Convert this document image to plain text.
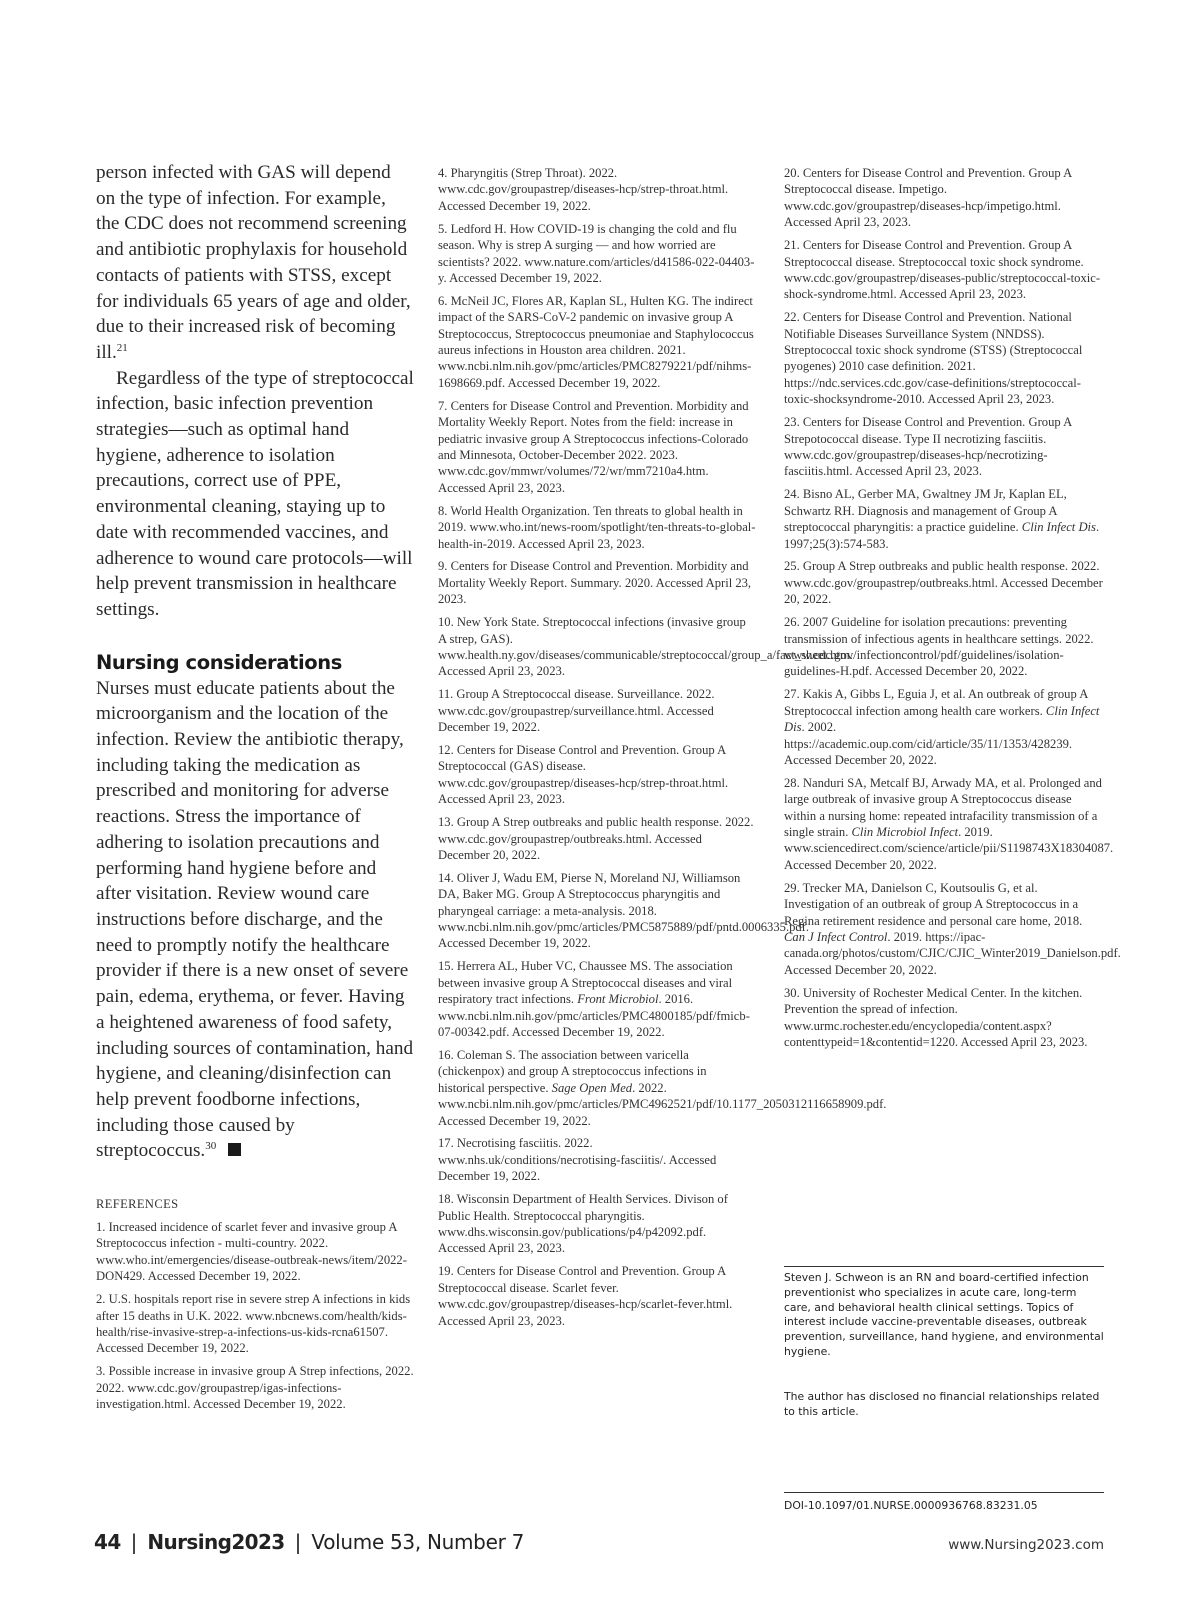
person infected with GAS will depend on the type of infection. For example, the CDC does not recommend screening and antibiotic prophylaxis for household contacts of patients with STSS, except for individuals 65 years of age and older, due to their increased risk of becoming ill.$^{21}$

Regardless of the type of streptococcal infection, basic infection prevention strategies—such as optimal hand hygiene, adherence to isolation precautions, correct use of PPE, environmental cleaning, staying up to date with recommended vaccines, and adherence to wound care protocols—will help prevent transmission in healthcare settings.

Nursing considerations

Nurses must educate patients about the microorganism and the location of the infection. Review the antibiotic therapy, including taking the medication as prescribed and monitoring for adverse reactions. Stress the importance of adhering to isolation precautions and performing hand hygiene before and after visitation. Review wound care instructions before discharge, and the need to promptly notify the healthcare provider if there is a new onset of severe pain, edema, erythema, or fever. Having a heightened awareness of food safety, including sources of contamination, hand hygiene, and cleaning/disinfection can help prevent foodborne infections, including those caused by streptococcus.$^{30}$

REFERENCES

1. Increased incidence of scarlet fever and invasive group A Streptococcus infection - multi-country. 2022. www.who.int/emergencies/disease-outbreak-news/item/2022-DON429. Accessed December 19, 2022.

2. U.S. hospitals report rise in severe strep A infections in kids after 15 deaths in U.K. 2022. www.nbcnews.com/health/kids-health/rise-invasive-strep-a-infections-us-kids-rcna61507. Accessed December 19, 2022.

3. Possible increase in invasive group A Strep infections, 2022. 2022. www.cdc.gov/groupastrep/igas-infections-investigation.html. Accessed December 19, 2022.

4. Pharyngitis (Strep Throat). 2022. www.cdc.gov/groupastrep/diseases-hcp/strep-throat.html. Accessed December 19, 2022.

5. Ledford H. How COVID-19 is changing the cold and flu season. Why is strep A surging — and how worried are scientists? 2022. www.nature.com/articles/d41586-022-04403-y. Accessed December 19, 2022.

6. McNeil JC, Flores AR, Kaplan SL, Hulten KG. The indirect impact of the SARS-CoV-2 pandemic on invasive group A Streptococcus, Streptococcus pneumoniae and Staphylococcus aureus infections in Houston area children. 2021. www.ncbi.nlm.nih.gov/pmc/articles/PMC8279221/pdf/nihms-1698669.pdf. Accessed December 19, 2022.

7. Centers for Disease Control and Prevention. Morbidity and Mortality Weekly Report. Notes from the field: increase in pediatric invasive group A Streptococcus infections-Colorado and Minnesota, October-December 2022. 2023. www.cdc.gov/mmwr/volumes/72/wr/mm7210a4.htm. Accessed April 23, 2023.

8. World Health Organization. Ten threats to global health in 2019. www.who.int/news-room/spotlight/ten-threats-to-global-health-in-2019. Accessed April 23, 2023.

9. Centers for Disease Control and Prevention. Morbidity and Mortality Weekly Report. Summary. 2020. Accessed April 23, 2023.

10. New York State. Streptococcal infections (invasive group A strep, GAS). www.health.ny.gov/diseases/communicable/streptococcal/group_a/fact_sheet.htm. Accessed April 23, 2023.

11. Group A Streptococcal disease. Surveillance. 2022. www.cdc.gov/groupastrep/surveillance.html. Accessed December 19, 2022.

12. Centers for Disease Control and Prevention. Group A Streptococcal (GAS) disease. www.cdc.gov/groupastrep/diseases-hcp/strep-throat.html. Accessed April 23, 2023.

13. Group A Strep outbreaks and public health response. 2022. www.cdc.gov/groupastrep/outbreaks.html. Accessed December 20, 2022.

14. Oliver J, Wadu EM, Pierse N, Moreland NJ, Williamson DA, Baker MG. Group A Streptococcus pharyngitis and pharyngeal carriage: a meta-analysis. 2018. www.ncbi.nlm.nih.gov/pmc/articles/PMC5875889/pdf/pntd.0006335.pdf. Accessed December 19, 2022.

15. Herrera AL, Huber VC, Chaussee MS. The association between invasive group A Streptococcal diseases and viral respiratory tract infections. Front Microbiol. 2016. www.ncbi.nlm.nih.gov/pmc/articles/PMC4800185/pdf/fmicb-07-00342.pdf. Accessed December 19, 2022.

16. Coleman S. The association between varicella (chickenpox) and group A streptococcus infections in historical perspective. Sage Open Med. 2022. www.ncbi.nlm.nih.gov/pmc/articles/PMC4962521/pdf/10.1177_2050312116658909.pdf. Accessed December 19, 2022.

17. Necrotising fasciitis. 2022. www.nhs.uk/conditions/necrotising-fasciitis/. Accessed December 19, 2022.

18. Wisconsin Department of Health Services. Divison of Public Health. Streptococcal pharyngitis. www.dhs.wisconsin.gov/publications/p4/p42092.pdf. Accessed April 23, 2023.

19. Centers for Disease Control and Prevention. Group A Streptococcal disease. Scarlet fever. www.cdc.gov/groupastrep/diseases-hcp/scarlet-fever.html. Accessed April 23, 2023.

20. Centers for Disease Control and Prevention. Group A Streptococcal disease. Impetigo. www.cdc.gov/groupastrep/diseases-hcp/impetigo.html. Accessed April 23, 2023.

21. Centers for Disease Control and Prevention. Group A Streptococcal disease. Streptococcal toxic shock syndrome. www.cdc.gov/groupastrep/diseases-public/streptococcal-toxic-shock-syndrome.html. Accessed April 23, 2023.

22. Centers for Disease Control and Prevention. National Notifiable Diseases Surveillance System (NNDSS). Streptococcal toxic shock syndrome (STSS) (Streptococcal pyogenes) 2010 case definition. 2021. https://ndc.services.cdc.gov/case-definitions/streptococcal-toxic-shocksyndrome-2010. Accessed April 23, 2023.

23. Centers for Disease Control and Prevention. Group A Strepotococcal disease. Type II necrotizing fasciitis. www.cdc.gov/groupastrep/diseases-hcp/necrotizing-fasciitis.html. Accessed April 23, 2023.

24. Bisno AL, Gerber MA, Gwaltney JM Jr, Kaplan EL, Schwartz RH. Diagnosis and management of Group A streptococcal pharyngitis: a practice guideline. Clin Infect Dis. 1997;25(3):574-583.

25. Group A Strep outbreaks and public health response. 2022. www.cdc.gov/groupastrep/outbreaks.html. Accessed December 20, 2022.

26. 2007 Guideline for isolation precautions: preventing transmission of infectious agents in healthcare settings. 2022. www.cdc.gov/infectioncontrol/pdf/guidelines/isolation-guidelines-H.pdf. Accessed December 20, 2022.

27. Kakis A, Gibbs L, Eguia J, et al. An outbreak of group A Streptococcal infection among health care workers. Clin Infect Dis. 2002. https://academic.oup.com/cid/article/35/11/1353/428239. Accessed December 20, 2022.

28. Nanduri SA, Metcalf BJ, Arwady MA, et al. Prolonged and large outbreak of invasive group A Streptococcus disease within a nursing home: repeated intrafacility transmission of a single strain. Clin Microbiol Infect. 2019. www.sciencedirect.com/science/article/pii/S1198743X18304087. Accessed December 20, 2022.

29. Trecker MA, Danielson C, Koutsoulis G, et al. Investigation of an outbreak of group A Streptococcus in a Regina retirement residence and personal care home, 2018. Can J Infect Control. 2019. https://ipac-canada.org/photos/custom/CJIC/CJIC_Winter2019_Danielson.pdf. Accessed December 20, 2022.

30. University of Rochester Medical Center. In the kitchen. Prevention the spread of infection. www.urmc.rochester.edu/encyclopedia/content.aspx?contenttypeid=1&contentid=1220. Accessed April 23, 2023.

Steven J. Schweon is an RN and board-certified infection preventionist who specializes in acute care, long-term care, and behavioral health clinical settings. Topics of interest include vaccine-preventable diseases, outbreak prevention, surveillance, hand hygiene, and environmental hygiene.
The author has disclosed no financial relationships related to this article.
DOI-10.1097/01.NURSE.0000936768.83231.05
44 | Nursing2023 | Volume 53, Number 7	www.Nursing2023.com
